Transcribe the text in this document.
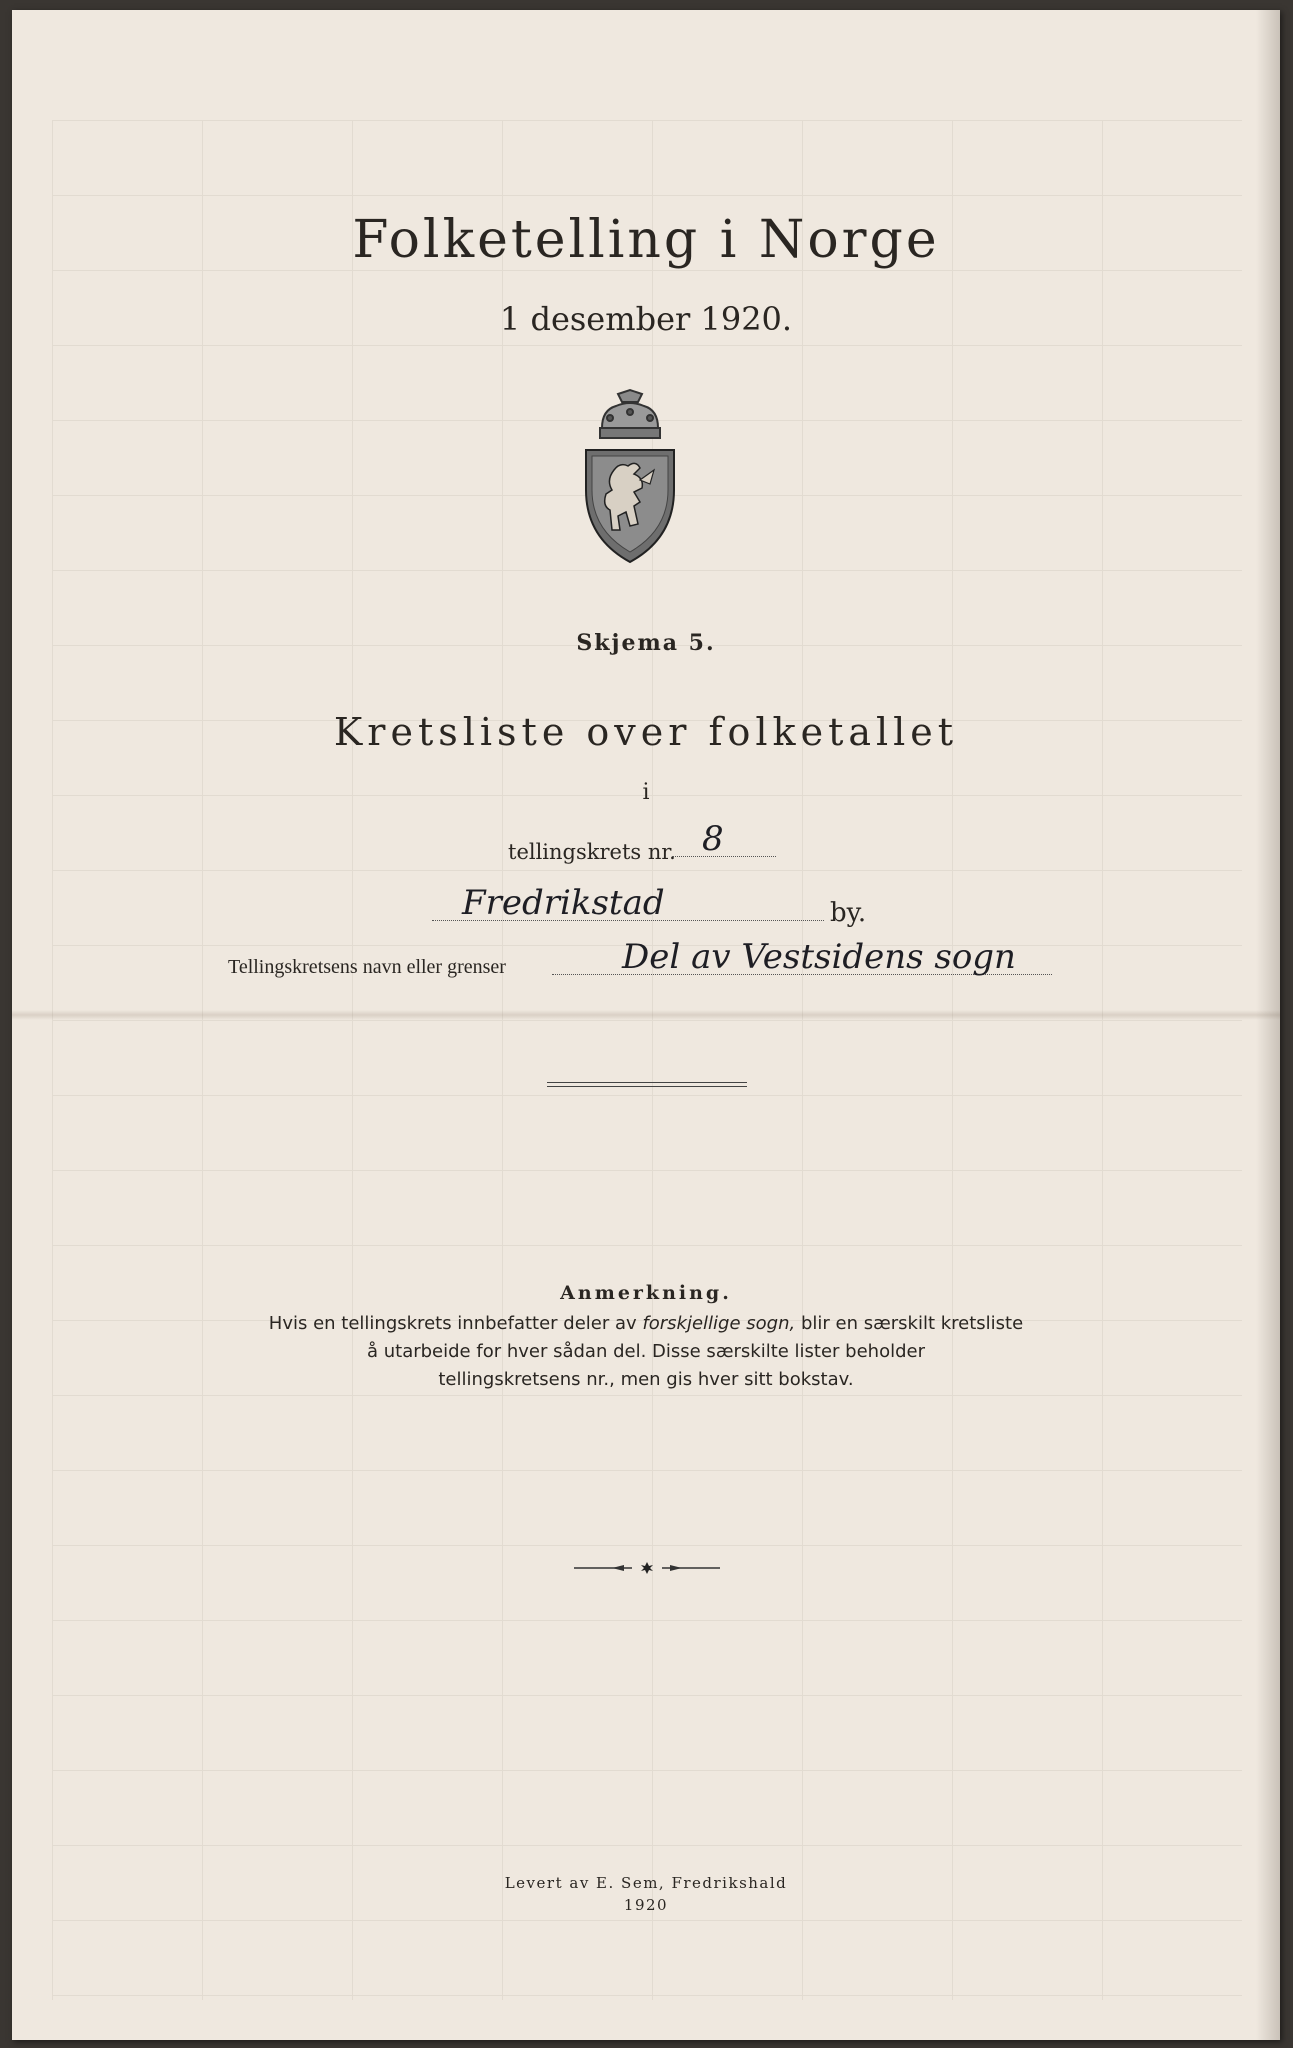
Folketelling i Norge
1 desember 1920.
Skjema 5.
Kretsliste over folketallet
i
tellingskrets nr. 8
Fredrikstad	by.
Tellingskretsens navn eller grenser	Del av Vestsidens sogn
Anmerkning.
Hvis en tellingskrets innbefatter deler av forskjellige sogn, blir en særskilt kretsliste
å utarbeide for hver sådan del. Disse særskilte lister beholder
tellingskretsens nr., men gis hver sitt bokstav.
Levert av E. Sem, Fredrikshald
1920
